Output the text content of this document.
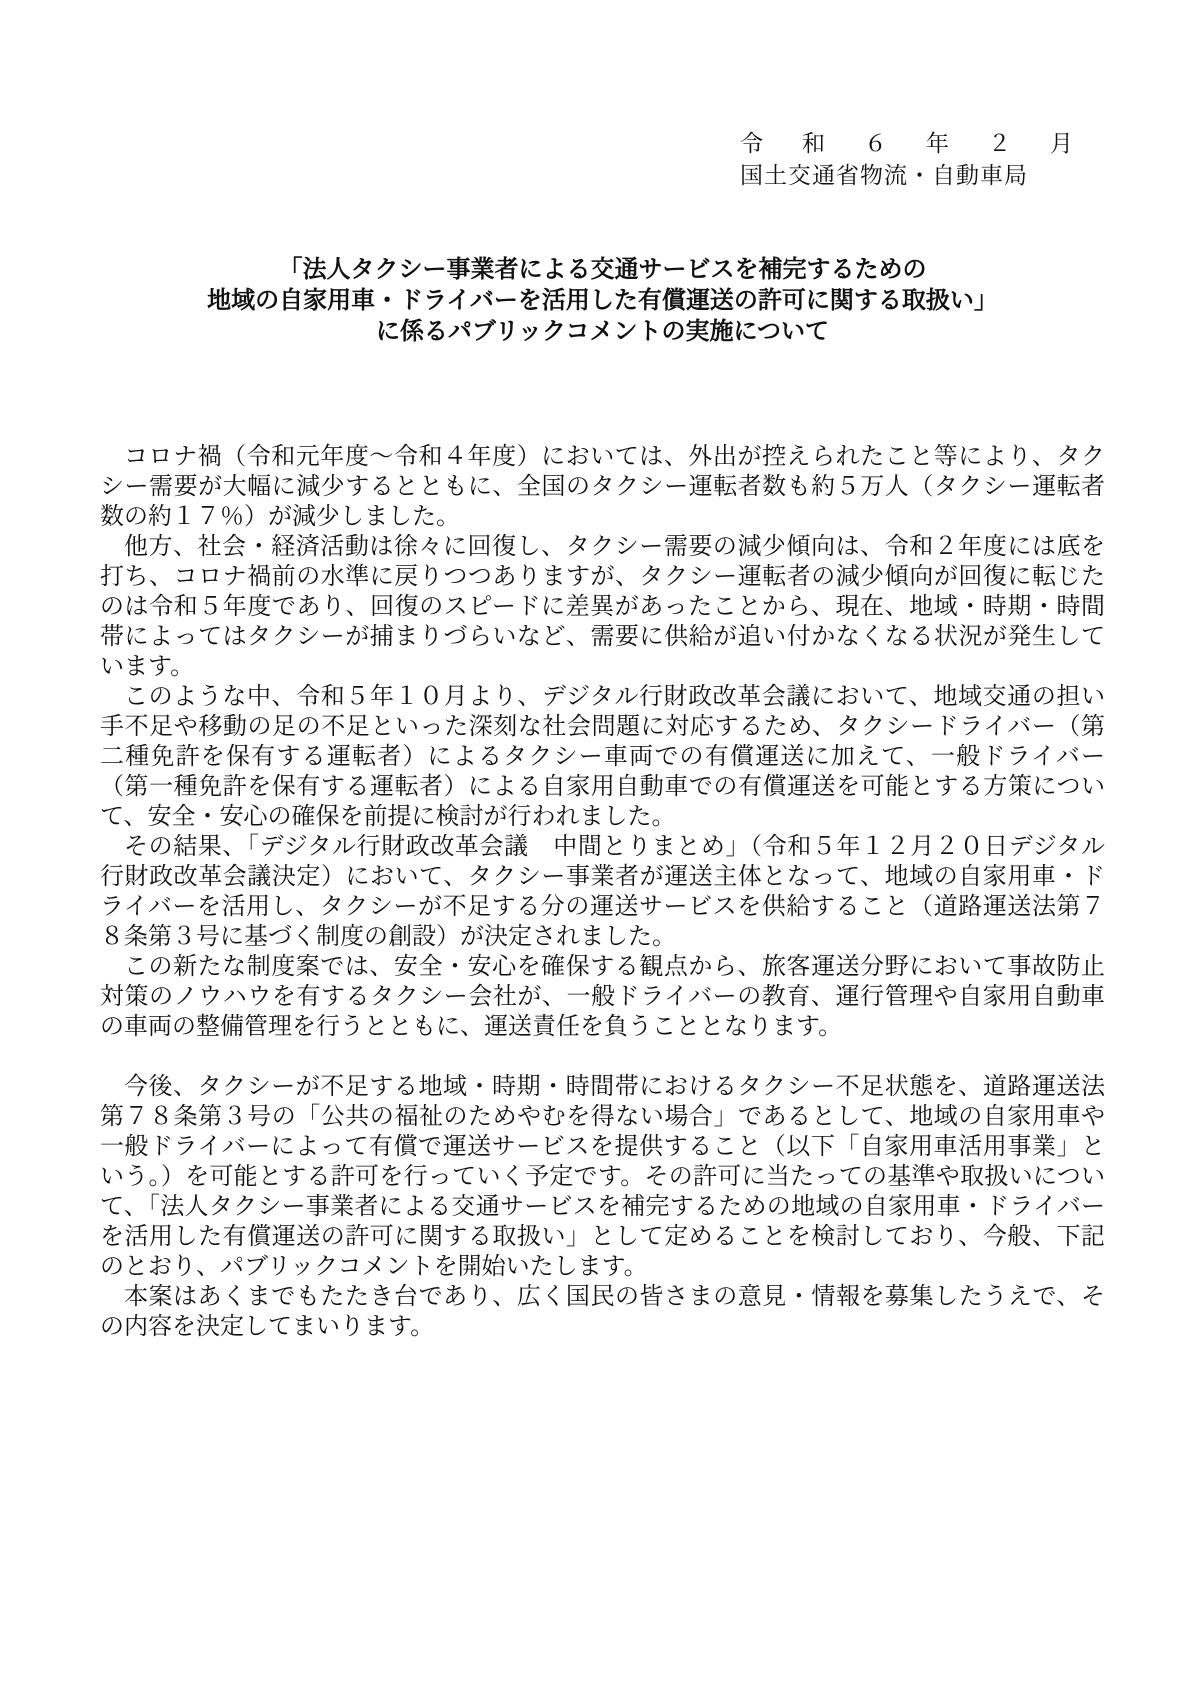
令　和　６　年　２　月
国土交通省物流・自動車局
「法人タクシー事業者による交通サービスを補完するための
地域の自家用車・ドライバーを活用した有償運送の許可に関する取扱い」
に係るパブリックコメントの実施について

コロナ禍（令和元年度～令和４年度）においては、外出が控えられたこと等により、タクシー需要が大幅に減少するとともに、全国のタクシー運転者数も約５万人（タクシー運転者数の約１７％）が減少しました。

他方、社会・経済活動は徐々に回復し、タクシー需要の減少傾向は、令和２年度には底を打ち、コロナ禍前の水準に戻りつつありますが、タクシー運転者の減少傾向が回復に転じたのは令和５年度であり、回復のスピードに差異があったことから、現在、地域・時期・時間帯によってはタクシーが捕まりづらいなど、需要に供給が追い付かなくなる状況が発生しています。

このような中、令和５年１０月より、デジタル行財政改革会議において、地域交通の担い手不足や移動の足の不足といった深刻な社会問題に対応するため、タクシードライバー（第二種免許を保有する運転者）によるタクシー車両での有償運送に加えて、一般ドライバー（第一種免許を保有する運転者）による自家用自動車での有償運送を可能とする方策について、安全・安心の確保を前提に検討が行われました。

その結果、「デジタル行財政改革会議　中間とりまとめ」（令和５年１２月２０日デジタル行財政改革会議決定）において、タクシー事業者が運送主体となって、地域の自家用車・ドライバーを活用し、タクシーが不足する分の運送サービスを供給すること（道路運送法第７８条第３号に基づく制度の創設）が決定されました。

この新たな制度案では、安全・安心を確保する観点から、旅客運送分野において事故防止対策のノウハウを有するタクシー会社が、一般ドライバーの教育、運行管理や自家用自動車の車両の整備管理を行うとともに、運送責任を負うこととなります。

今後、タクシーが不足する地域・時期・時間帯におけるタクシー不足状態を、道路運送法第７８条第３号の「公共の福祉のためやむを得ない場合」であるとして、地域の自家用車や一般ドライバーによって有償で運送サービスを提供すること（以下「自家用車活用事業」という。）を可能とする許可を行っていく予定です。その許可に当たっての基準や取扱いについて、「法人タクシー事業者による交通サービスを補完するための地域の自家用車・ドライバーを活用した有償運送の許可に関する取扱い」として定めることを検討しており、今般、下記のとおり、パブリックコメントを開始いたします。

本案はあくまでもたたき台であり、広く国民の皆さまの意見・情報を募集したうえで、その内容を決定してまいります。
